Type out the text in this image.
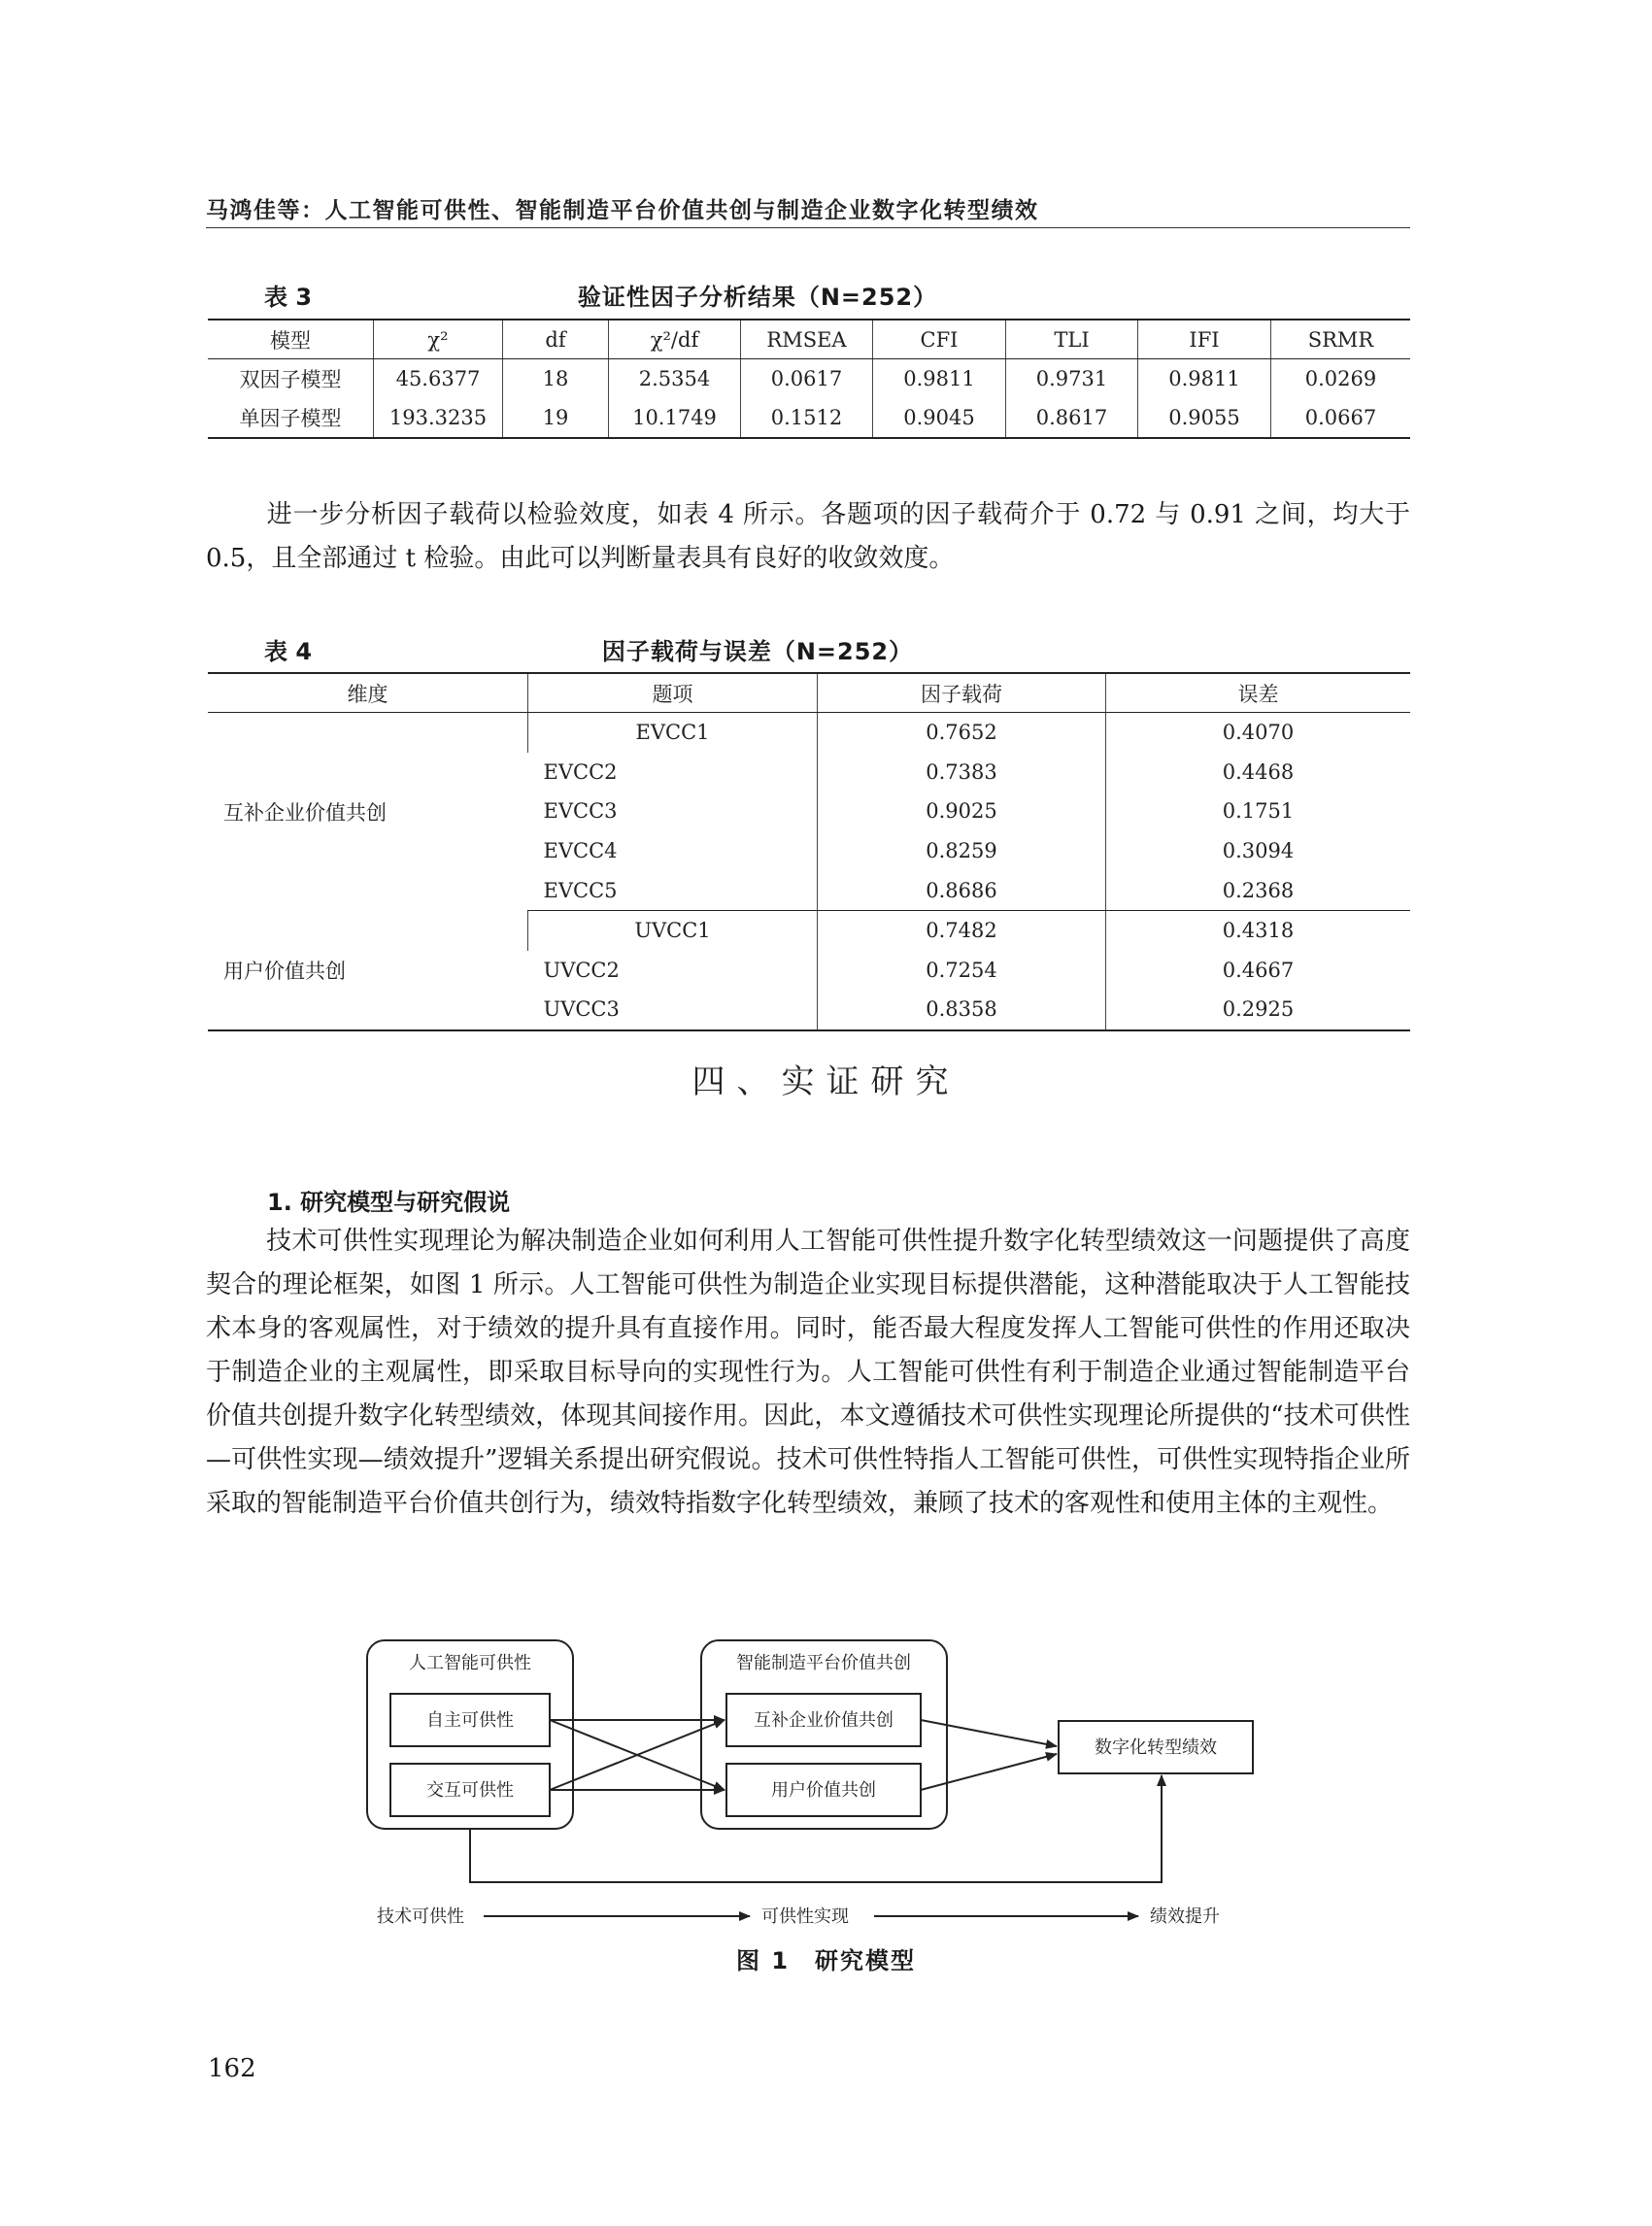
马鸿佳等：人工智能可供性、智能制造平台价值共创与制造企业数字化转型绩效
表 3	验证性因子分析结果（N=252）
模型	χ²	df	χ²/df	RMSEA	CFI	TLI	IFI	SRMR
双因子模型	45.6377	18	2.5354	0.0617	0.9811	0.9731	0.9811	0.0269
单因子模型	193.3235	19	10.1749	0.1512	0.9045	0.8617	0.9055	0.0667
进一步分析因子载荷以检验效度，如表 4 所示。各题项的因子载荷介于 0.72 与 0.91 之间，均大于 0.5，且全部通过 t 检验。由此可以判断量表具有良好的收敛效度。
表 4	因子载荷与误差（N=252）
维度	题项	因子载荷	误差
互补企业价值共创	EVCC1	0.7652	0.4070
	EVCC2	0.7383	0.4468
	EVCC3	0.9025	0.1751
	EVCC4	0.8259	0.3094
	EVCC5	0.8686	0.2368
用户价值共创	UVCC1	0.7482	0.4318
	UVCC2	0.7254	0.4667
	UVCC3	0.8358	0.2925
四、实证研究
1. 研究模型与研究假说
技术可供性实现理论为解决制造企业如何利用人工智能可供性提升数字化转型绩效这一问题提供了高度契合的理论框架，如图 1 所示。人工智能可供性为制造企业实现目标提供潜能，这种潜能取决于人工智能技术本身的客观属性，对于绩效的提升具有直接作用。同时，能否最大程度发挥人工智能可供性的作用还取决于制造企业的主观属性，即采取目标导向的实现性行为。人工智能可供性有利于制造企业通过智能制造平台价值共创提升数字化转型绩效，体现其间接作用。因此，本文遵循技术可供性实现理论所提供的“技术可供性—可供性实现—绩效提升”逻辑关系提出研究假说。技术可供性特指人工智能可供性，可供性实现特指企业所采取的智能制造平台价值共创行为，绩效特指数字化转型绩效，兼顾了技术的客观性和使用主体的主观性。
人工智能可供性
自主可供性
交互可供性
智能制造平台价值共创
互补企业价值共创
用户价值共创
数字化转型绩效
技术可供性	可供性实现	绩效提升
图 1　研究模型
162
